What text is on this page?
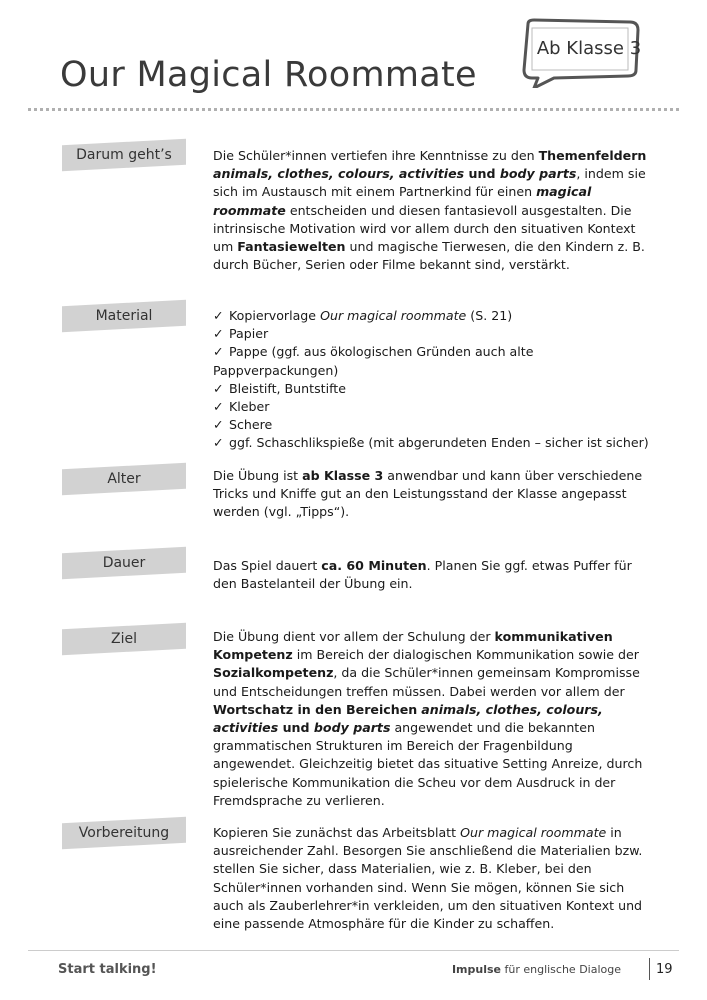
Our Magical Roommate
Ab Klasse 3
Darum geht’s	Die Schüler*innen vertiefen ihre Kenntnisse zu den Themenfeldern animals, clothes, colours, activities und body parts, indem sie sich im Austausch mit einem Partnerkind für einen magical roommate entscheiden und diesen fantasievoll ausgestalten. Die intrinsische Motivation wird vor allem durch den situativen Kontext um Fantasiewelten und magische Tierwesen, die den Kindern z. B. durch Bücher, Serien oder Filme bekannt sind, verstärkt.

Material	✓ Kopiervorlage Our magical roommate (S. 21)
✓ Papier
✓ Pappe (ggf. aus ökologischen Gründen auch alte Pappverpackungen)
✓ Bleistift, Buntstifte
✓ Kleber
✓ Schere
✓ ggf. Schaschlikspieße (mit abgerundeten Enden – sicher ist sicher)
Alter	Die Übung ist ab Klasse 3 anwendbar und kann über verschiedene Tricks und Kniffe gut an den Leistungsstand der Klasse angepasst werden (vgl. „Tipps“).

Dauer	Das Spiel dauert ca. 60 Minuten. Planen Sie ggf. etwas Puffer für den Bastelanteil der Übung ein.

Ziel	Die Übung dient vor allem der Schulung der kommunikativen Kompetenz im Bereich der dialogischen Kommunikation sowie der Sozialkompetenz, da die Schüler*innen gemeinsam Kompromisse und Entscheidungen treffen müssen. Dabei werden vor allem der Wortschatz in den Bereichen animals, clothes, colours, activities und body parts angewendet und die bekannten grammatischen Strukturen im Bereich der Fragenbildung angewendet. Gleichzeitig bietet das situative Setting Anreize, durch spielerische Kommunikation die Scheu vor dem Ausdruck in der Fremdsprache zu verlieren.

Vorbereitung	Kopieren Sie zunächst das Arbeitsblatt Our magical roommate in ausreichender Zahl. Besorgen Sie anschließend die Materialien bzw. stellen Sie sicher, dass Materialien, wie z. B. Kleber, bei den Schüler*innen vorhanden sind. Wenn Sie mögen, können Sie sich auch als Zauberlehrer*in verkleiden, um den situativen Kontext und eine passende Atmosphäre für die Kinder zu schaffen.

Start talking!	Impulse für englische Dialoge	19
